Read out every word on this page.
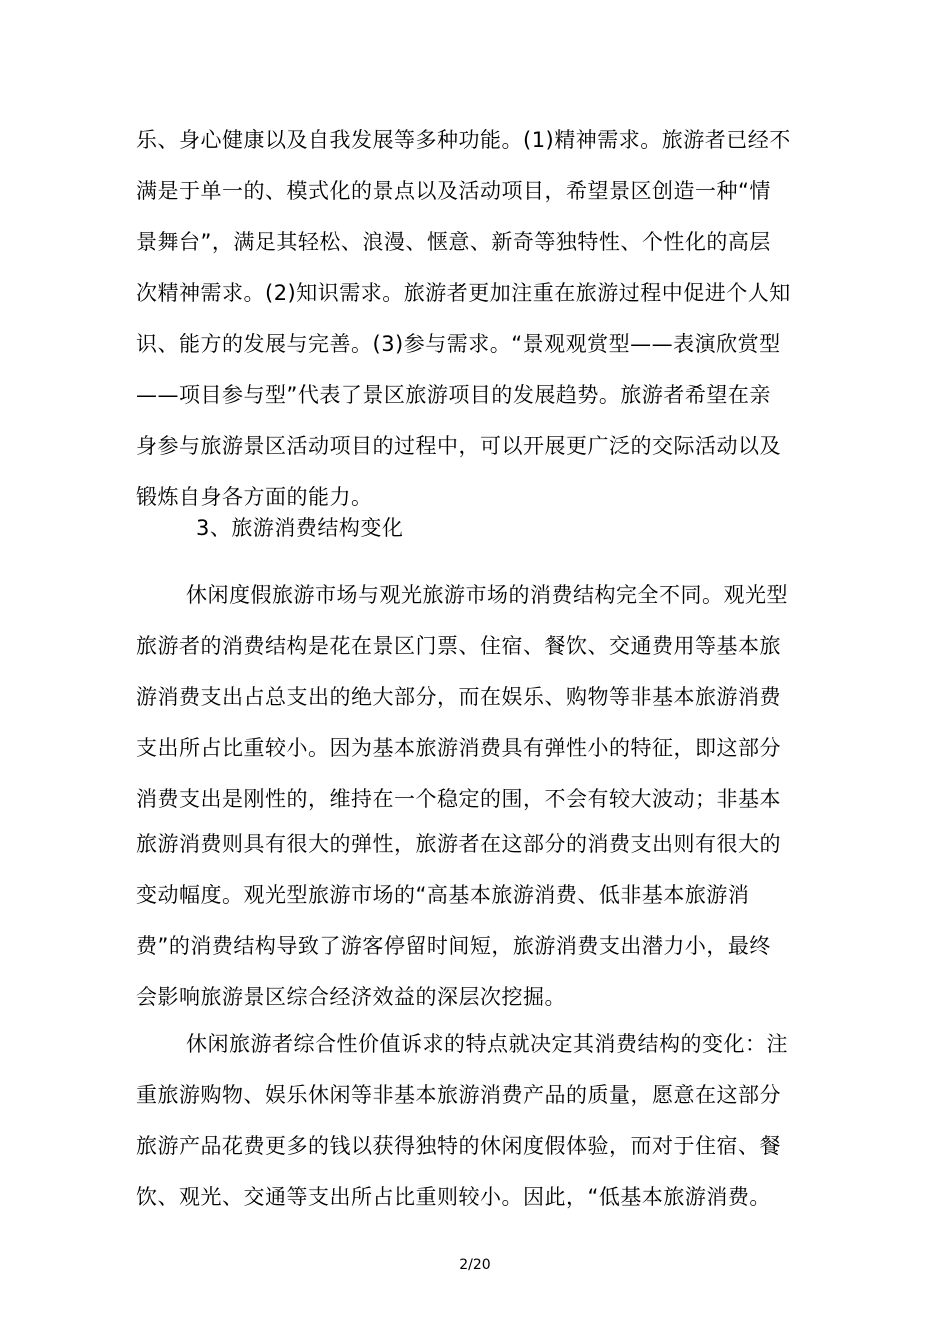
乐、身心健康以及自我发展等多种功能。(1)精神需求。旅游者已经不
满是于单一的、模式化的景点以及活动项目，希望景区创造一种“情
景舞台”，满足其轻松、浪漫、惬意、新奇等独特性、个性化的高层
次精神需求。(2)知识需求。旅游者更加注重在旅游过程中促进个人知
识、能方的发展与完善。(3)参与需求。“景观观赏型——表演欣赏型
——项目参与型”代表了景区旅游项目的发展趋势。旅游者希望在亲
身参与旅游景区活动项目的过程中，可以开展更广泛的交际活动以及
锻炼自身各方面的能力。
3、旅游消费结构变化
休闲度假旅游市场与观光旅游市场的消费结构完全不同。观光型
旅游者的消费结构是花在景区门票、住宿、餐饮、交通费用等基本旅
游消费支出占总支出的绝大部分，而在娱乐、购物等非基本旅游消费
支出所占比重较小。因为基本旅游消费具有弹性小的特征，即这部分
消费支出是刚性的，维持在一个稳定的围，不会有较大波动；非基本
旅游消费则具有很大的弹性，旅游者在这部分的消费支出则有很大的
变动幅度。观光型旅游市场的“高基本旅游消费、低非基本旅游消
费”的消费结构导致了游客停留时间短，旅游消费支出潜力小，最终
会影响旅游景区综合经济效益的深层次挖掘。
休闲旅游者综合性价值诉求的特点就决定其消费结构的变化：注
重旅游购物、娱乐休闲等非基本旅游消费产品的质量，愿意在这部分
旅游产品花费更多的钱以获得独特的休闲度假体验，而对于住宿、餐
饮、观光、交通等支出所占比重则较小。因此，“低基本旅游消费。
2/20
